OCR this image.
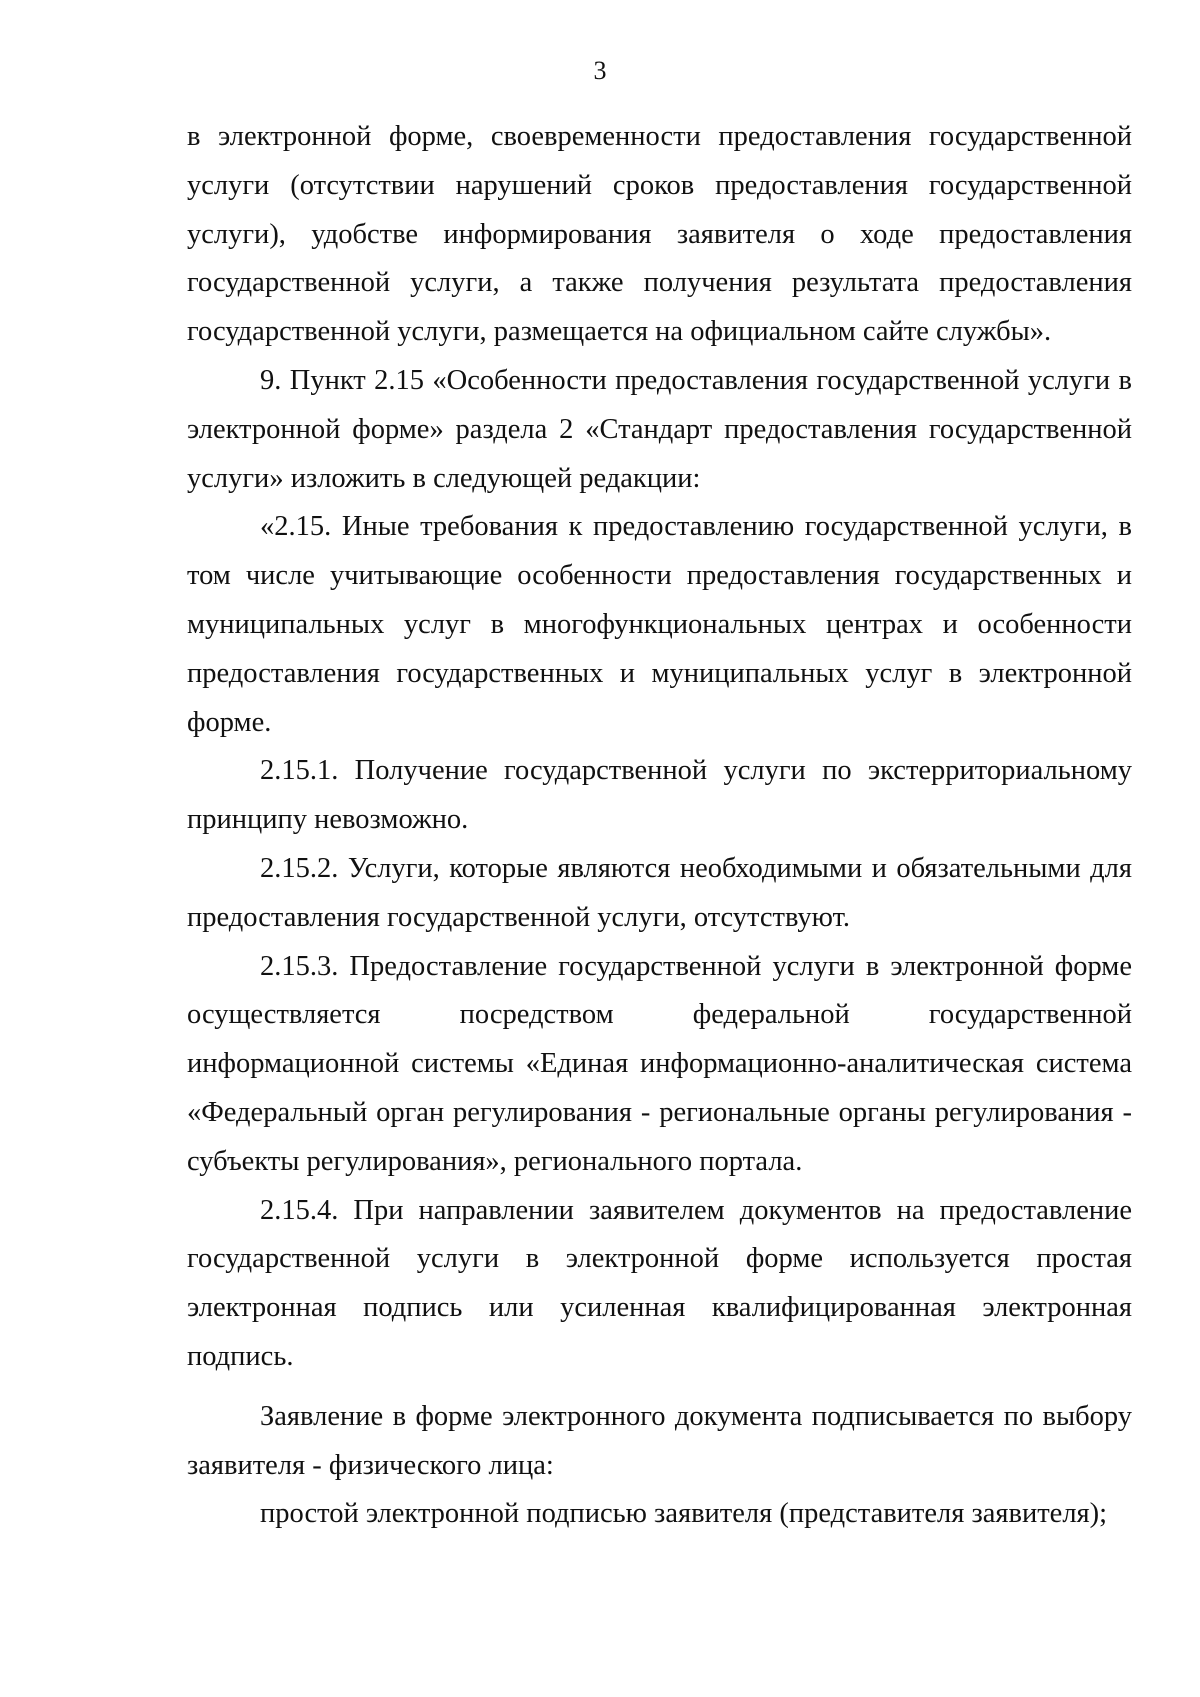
3

в электронной форме, своевременности предоставления государственной услуги (отсутствии нарушений сроков предоставления государственной услуги), удобстве информирования заявителя о ходе предоставления государственной услуги, а также получения результата предоставления государственной услуги, размещается на официальном сайте службы».

9. Пункт 2.15 «Особенности предоставления государственной услуги в электронной форме» раздела 2 «Стандарт предоставления государственной услуги» изложить в следующей редакции:

«2.15. Иные требования к предоставлению государственной услуги, в том числе учитывающие особенности предоставления государственных и муниципальных услуг в многофункциональных центрах и особенности предоставления государственных и муниципальных услуг в электронной форме.

2.15.1. Получение государственной услуги по экстерриториальному принципу невозможно.

2.15.2. Услуги, которые являются необходимыми и обязательными для предоставления государственной услуги, отсутствуют.

2.15.3. Предоставление государственной услуги в электронной форме осуществляется посредством федеральной государственной информационной системы «Единая информационно-аналитическая система «Федеральный орган регулирования - региональные органы регулирования - субъекты регулирования», регионального портала.

2.15.4. При направлении заявителем документов на предоставление государственной услуги в электронной форме используется простая электронная подпись или усиленная квалифицированная электронная подпись.

Заявление в форме электронного документа подписывается по выбору заявителя - физического лица:

простой электронной подписью заявителя (представителя заявителя);
